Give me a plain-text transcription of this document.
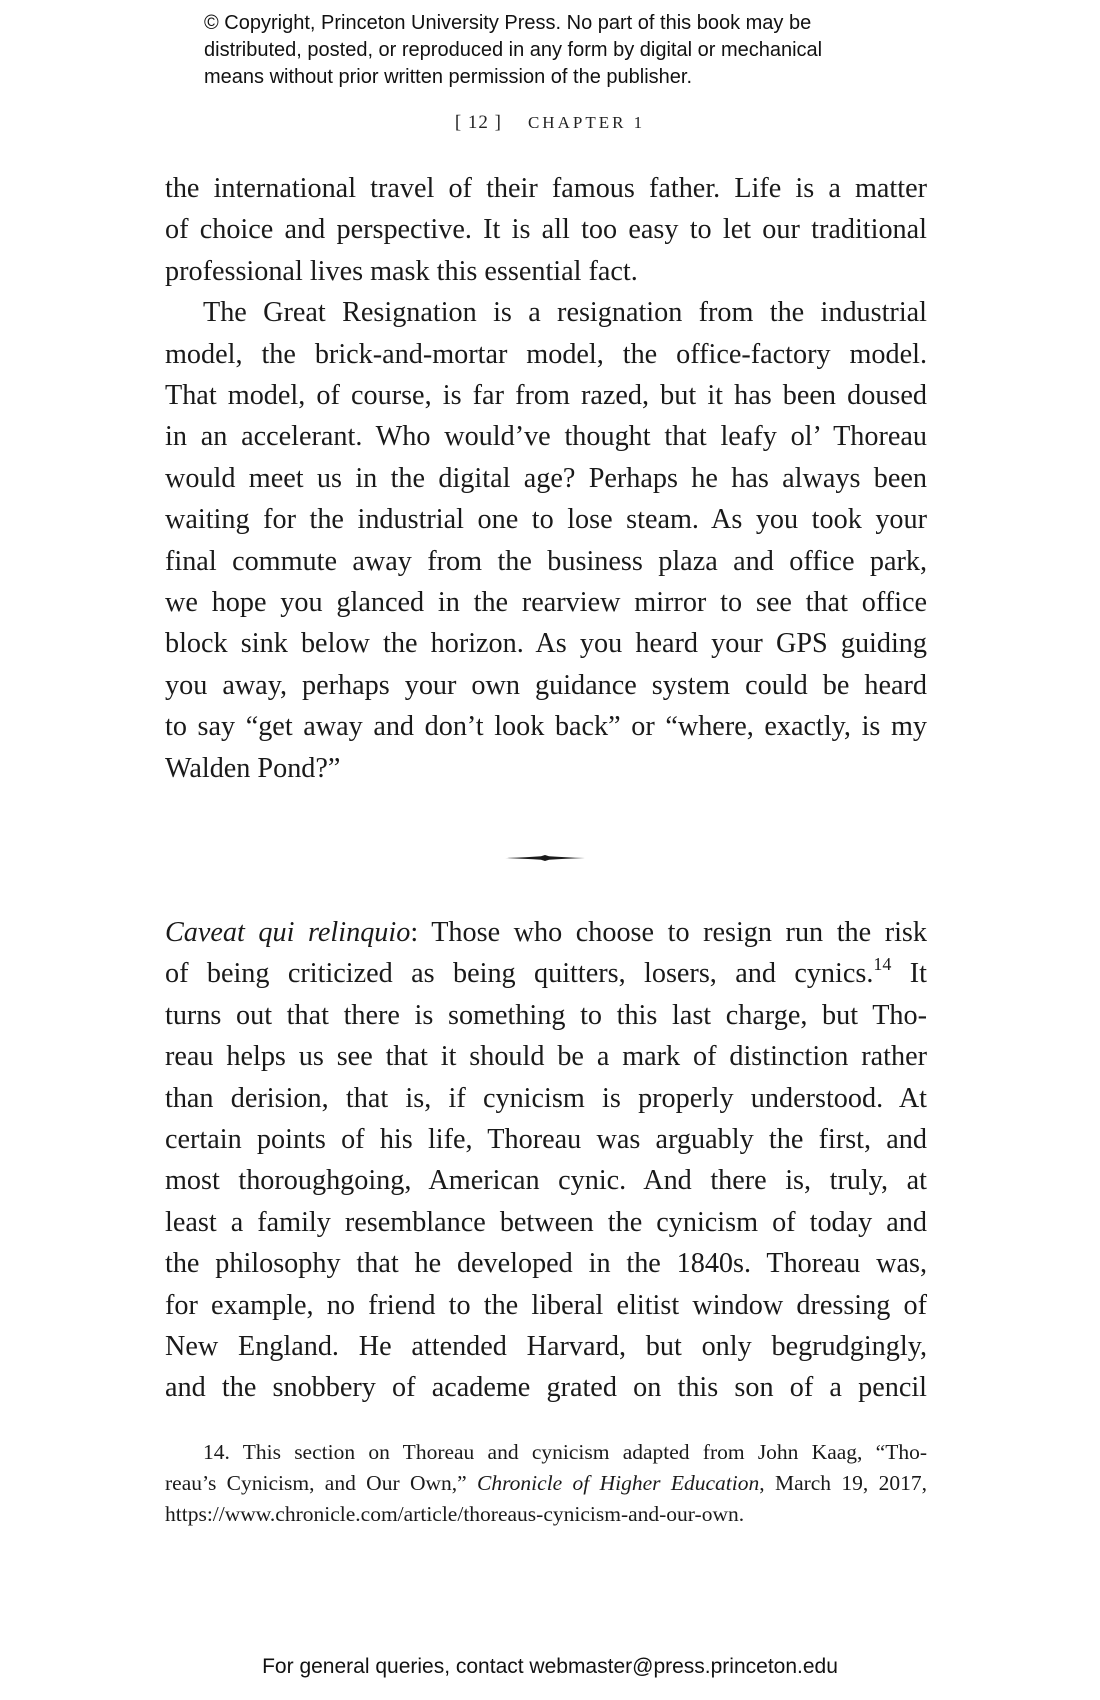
© Copyright, Princeton University Press. No part of this book may be
distributed, posted, or reproduced in any form by digital or mechanical
means without prior written permission of the publisher.
[ 12 ] CHAPTER 1
the international travel of their famous father. Life is a matter
of choice and perspective. It is all too easy to let our traditional
professional lives mask this essential fact.
The Great Resignation is a resignation from the industrial
model, the brick-and-mortar model, the office-factory model.
That model, of course, is far from razed, but it has been doused
in an accelerant. Who would’ve thought that leafy ol’ Thoreau
would meet us in the digital age? Perhaps he has always been
waiting for the industrial one to lose steam. As you took your
final commute away from the business plaza and office park,
we hope you glanced in the rearview mirror to see that office
block sink below the horizon. As you heard your GPS guiding
you away, perhaps your own guidance system could be heard
to say “get away and don’t look back” or “where, exactly, is my
Walden Pond?”
Caveat qui relinquio: Those who choose to resign run the risk
of being criticized as being quitters, losers, and cynics.$^{14}$ It
turns out that there is something to this last charge, but Tho-
reau helps us see that it should be a mark of distinction rather
than derision, that is, if cynicism is properly understood. At
certain points of his life, Thoreau was arguably the first, and
most thoroughgoing, American cynic. And there is, truly, at
least a family resemblance between the cynicism of today and
the philosophy that he developed in the 1840s. Thoreau was,
for example, no friend to the liberal elitist window dressing of
New England. He attended Harvard, but only begrudgingly,
and the snobbery of academe grated on this son of a pencil
14. This section on Thoreau and cynicism adapted from John Kaag, “Tho-
reau’s Cynicism, and Our Own,” Chronicle of Higher Education, March 19, 2017,
https://www.chronicle.com/article/thoreaus-cynicism-and-our-own.
For general queries, contact webmaster@press.princeton.edu
